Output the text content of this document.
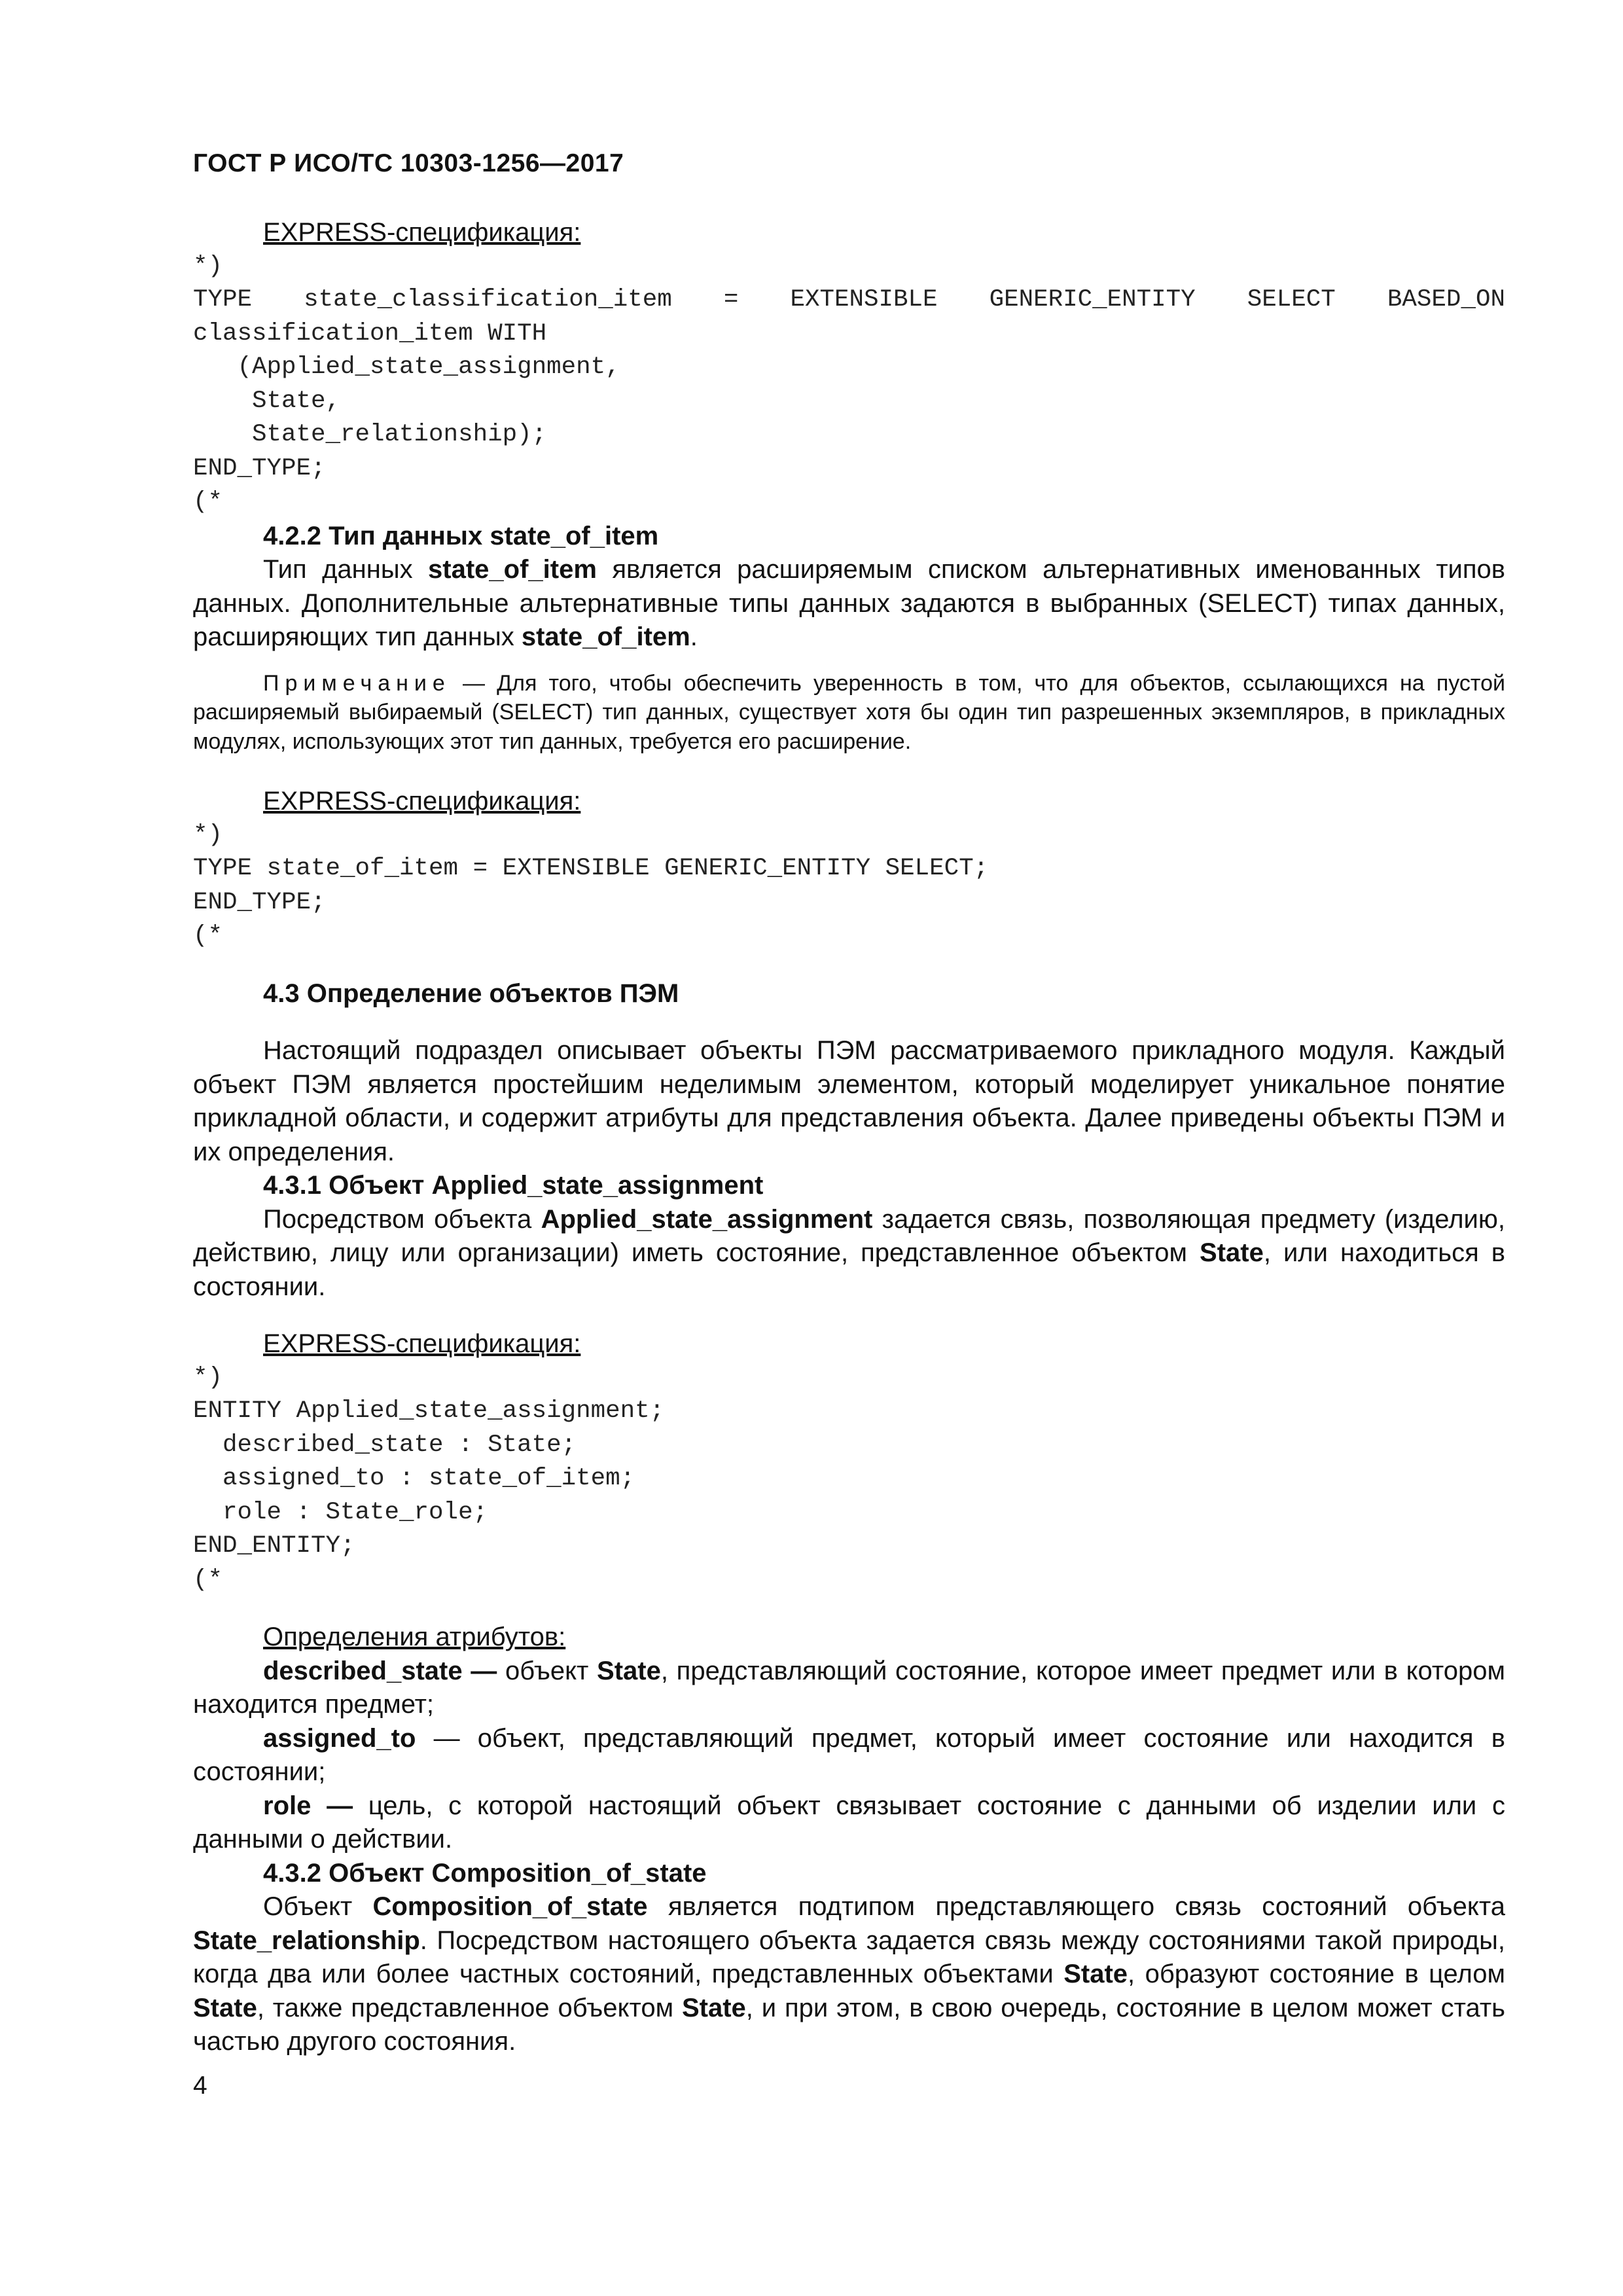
ГОСТ Р ИСО/ТС 10303-1256—2017

EXPRESS-спецификация:

*)

TYPE state_classification_item = EXTENSIBLE GENERIC_ENTITY SELECT BASED_ON

classification_item WITH

(Applied_state_assignment,

State,

State_relationship);

END_TYPE;

(*

4.2.2 Тип данных state_of_item

Тип данных state_of_item является расширяемым списком альтернативных именованных типов данных. Дополнительные альтернативные типы данных задаются в выбранных (SELECT) типах данных, расширяющих тип данных state_of_item.

Примечание — Для того, чтобы обеспечить уверенность в том, что для объектов, ссылающихся на пустой расширяемый выбираемый (SELECT) тип данных, существует хотя бы один тип разрешенных экземпляров, в прикладных модулях, использующих этот тип данных, требуется его расширение.

EXPRESS-спецификация:

*)

TYPE state_of_item = EXTENSIBLE GENERIC_ENTITY SELECT;

END_TYPE;

(*

4.3 Определение объектов ПЭМ

Настоящий подраздел описывает объекты ПЭМ рассматриваемого прикладного модуля. Каждый объект ПЭМ является простейшим неделимым элементом, который моделирует уникальное понятие прикладной области, и содержит атрибуты для представления объекта. Далее приведены объекты ПЭМ и их определения.

4.3.1 Объект Applied_state_assignment

Посредством объекта Applied_state_assignment задается связь, позволяющая предмету (изделию, действию, лицу или организации) иметь состояние, представленное объектом State, или находиться в состоянии.

EXPRESS-спецификация:

*)

ENTITY Applied_state_assignment;

described_state : State;

assigned_to : state_of_item;

role : State_role;

END_ENTITY;

(*

Определения атрибутов:

described_state — объект State, представляющий состояние, которое имеет предмет или в котором находится предмет;

assigned_to — объект, представляющий предмет, который имеет состояние или находится в состоянии;

role — цель, с которой настоящий объект связывает состояние с данными об изделии или с данными о действии.

4.3.2 Объект Composition_of_state

Объект Composition_of_state является подтипом представляющего связь состояний объекта State_relationship. Посредством настоящего объекта задается связь между состояниями такой природы, когда два или более частных состояний, представленных объектами State, образуют состояние в целом State, также представленное объектом State, и при этом, в свою очередь, состояние в целом может стать частью другого состояния.

4
